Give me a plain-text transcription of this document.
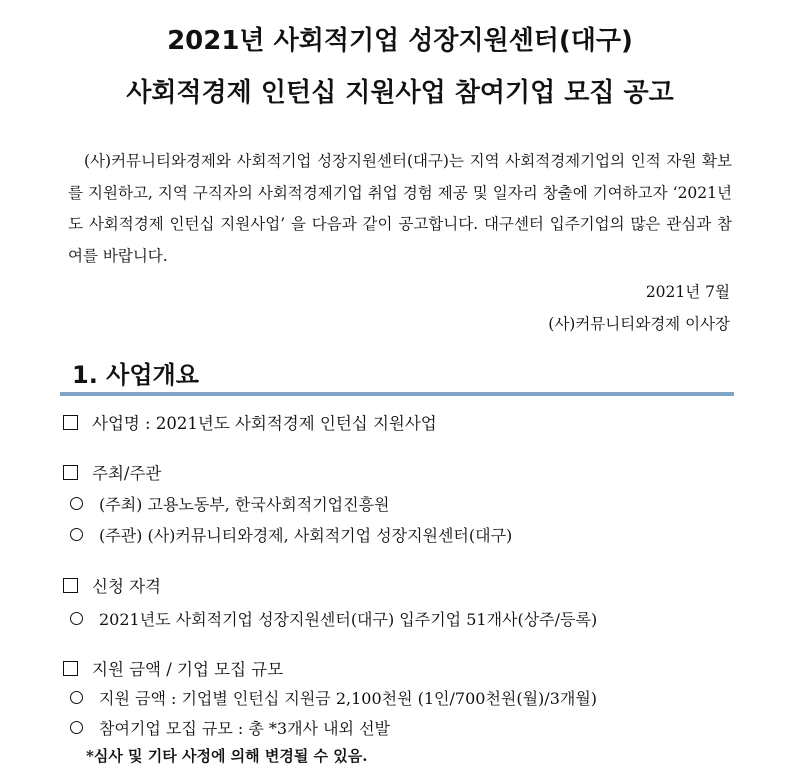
2021년 사회적기업 성장지원센터(대구)
사회적경제 인턴십 지원사업 참여기업 모집 공고

(사)커뮤니티와경제와 사회적기업 성장지원센터(대구)는 지역 사회적경제기업의 인적 자원 확보를 지원하고, 지역 구직자의 사회적경제기업 취업 경험 제공 및 일자리 창출에 기여하고자 ‘2021년도 사회적경제 인턴십 지원사업’ 을 다음과 같이 공고합니다. 대구센터 입주기업의 많은 관심과 참여를 바랍니다.

2021년 7월
(사)커뮤니티와경제 이사장
1. 사업개요
사업명 : 2021년도 사회적경제 인턴십 지원사업
주최/주관
(주최) 고용노동부, 한국사회적기업진흥원
(주관) (사)커뮤니티와경제, 사회적기업 성장지원센터(대구)
신청 자격
2021년도 사회적기업 성장지원센터(대구) 입주기업 51개사(상주/등록)
지원 금액 / 기업 모집 규모
지원 금액 : 기업별 인턴십 지원금 2,100천원 (1인/700천원(월)/3개월)
참여기업 모집 규모 : 총 *3개사 내외 선발
*심사 및 기타 사정에 의해 변경될 수 있음.
